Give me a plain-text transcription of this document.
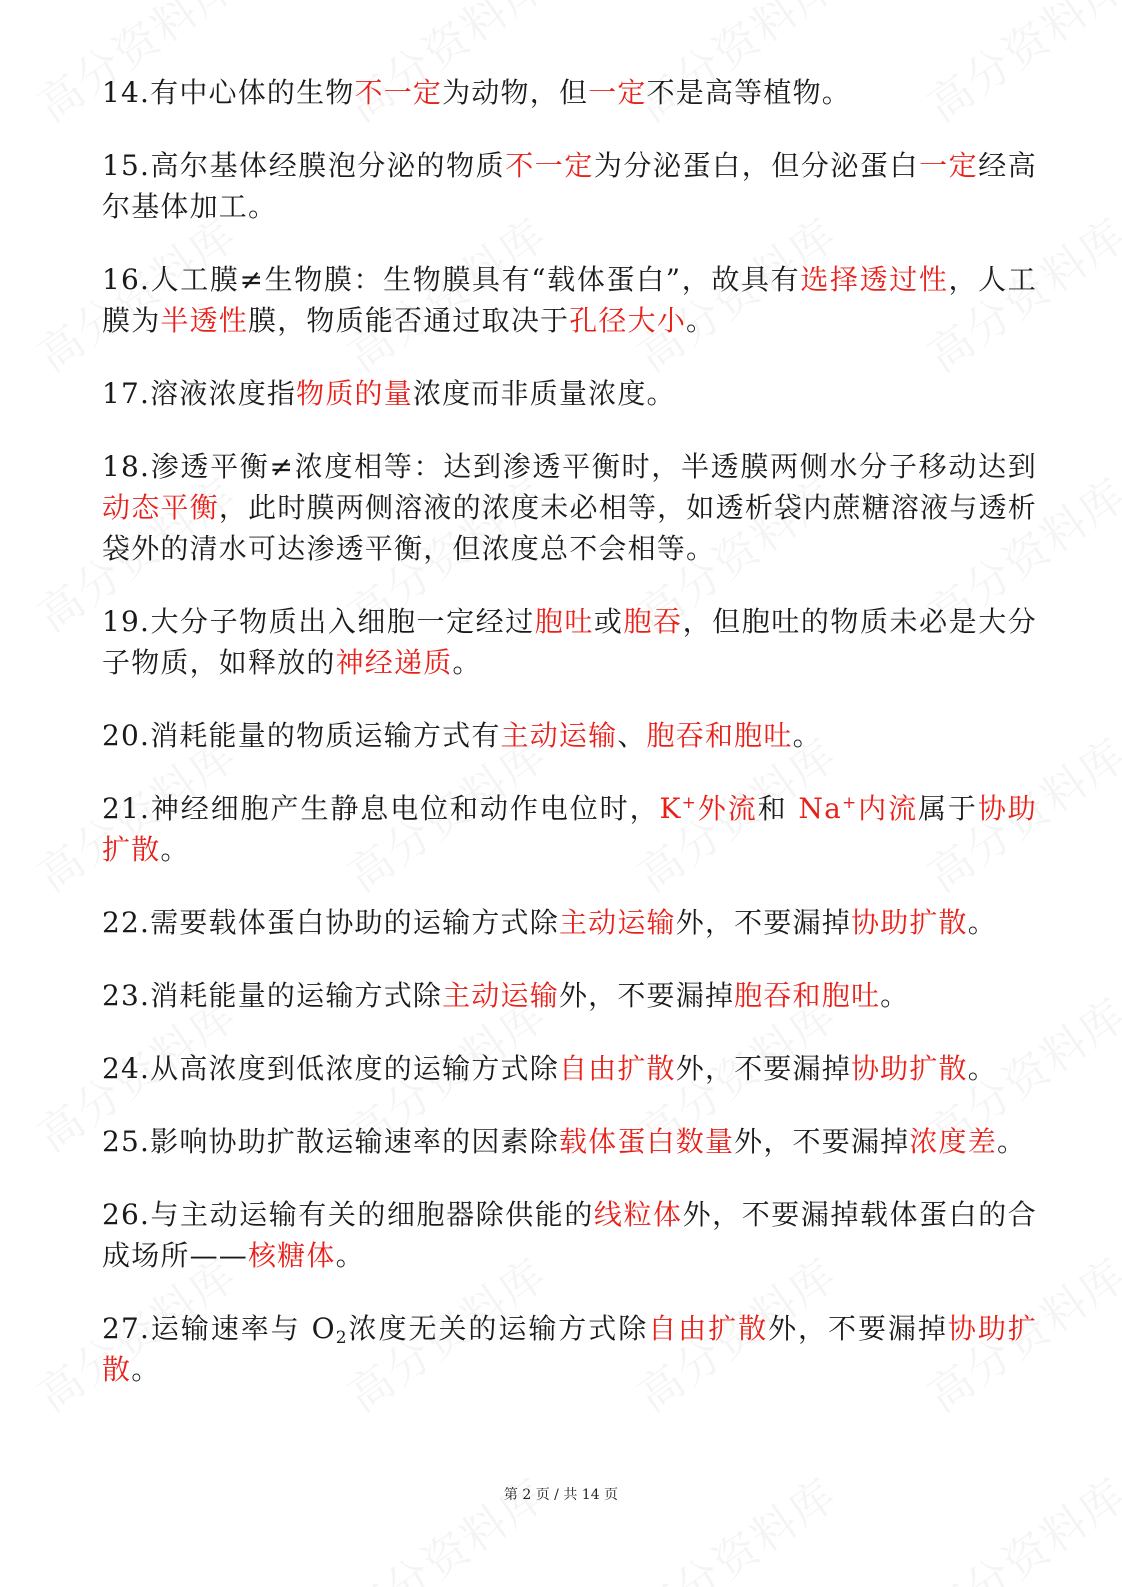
14.有中心体的生物不一定为动物，但一定不是高等植物。
15.高尔基体经膜泡分泌的物质不一定为分泌蛋白，但分泌蛋白一定经高尔基体加工。
16.人工膜≠生物膜：生物膜具有“载体蛋白”，故具有选择透过性，人工膜为半透性膜，物质能否通过取决于孔径大小。
17.溶液浓度指物质的量浓度而非质量浓度。
18.渗透平衡≠浓度相等：达到渗透平衡时，半透膜两侧水分子移动达到动态平衡，此时膜两侧溶液的浓度未必相等，如透析袋内蔗糖溶液与透析袋外的清水可达渗透平衡，但浓度总不会相等。
19.大分子物质出入细胞一定经过胞吐或胞吞，但胞吐的物质未必是大分子物质，如释放的神经递质。
20.消耗能量的物质运输方式有主动运输、胞吞和胞吐。
21.神经细胞产生静息电位和动作电位时，K+外流和 Na+内流属于协助扩散。
22.需要载体蛋白协助的运输方式除主动运输外，不要漏掉协助扩散。
23.消耗能量的运输方式除主动运输外，不要漏掉胞吞和胞吐。
24.从高浓度到低浓度的运输方式除自由扩散外，不要漏掉协助扩散。
25.影响协助扩散运输速率的因素除载体蛋白数量外，不要漏掉浓度差。
26.与主动运输有关的细胞器除供能的线粒体外，不要漏掉载体蛋白的合成场所——核糖体。
27.运输速率与 $O_2$浓度无关的运输方式除自由扩散外，不要漏掉协助扩散。
第 2 页 / 共 14 页
